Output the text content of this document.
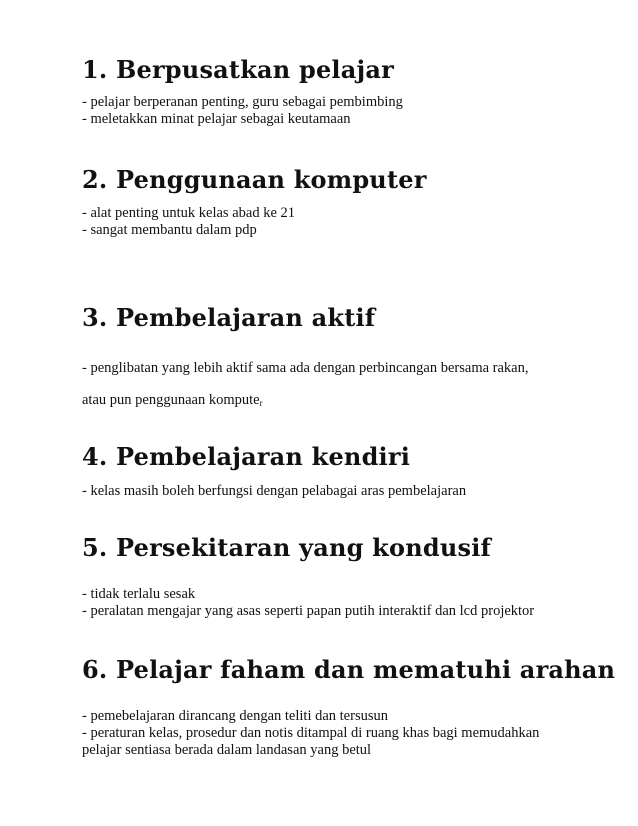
1. Berpusatkan pelajar

- pelajar berperanan penting, guru sebagai pembimbing

- meletakkan minat pelajar sebagai keutamaan

2. Penggunaan komputer

- alat penting untuk kelas abad ke 21

- sangat membantu dalam pdp

3. Pembelajaran aktif

- penglibatan yang lebih aktif sama ada dengan perbincangan bersama rakan,

atau pun penggunaan kompute$_r$

4. Pembelajaran kendiri

- kelas masih boleh berfungsi dengan pelabagai aras pembelajaran

5. Persekitaran yang kondusif

- tidak terlalu sesak

- peralatan mengajar yang asas seperti papan putih interaktif dan lcd projektor

6. Pelajar faham dan mematuhi arahan

- pemebelajaran dirancang dengan teliti dan tersusun

- peraturan kelas, prosedur dan notis ditampal di ruang khas bagi memudahkan

pelajar sentiasa berada dalam landasan yang betul
